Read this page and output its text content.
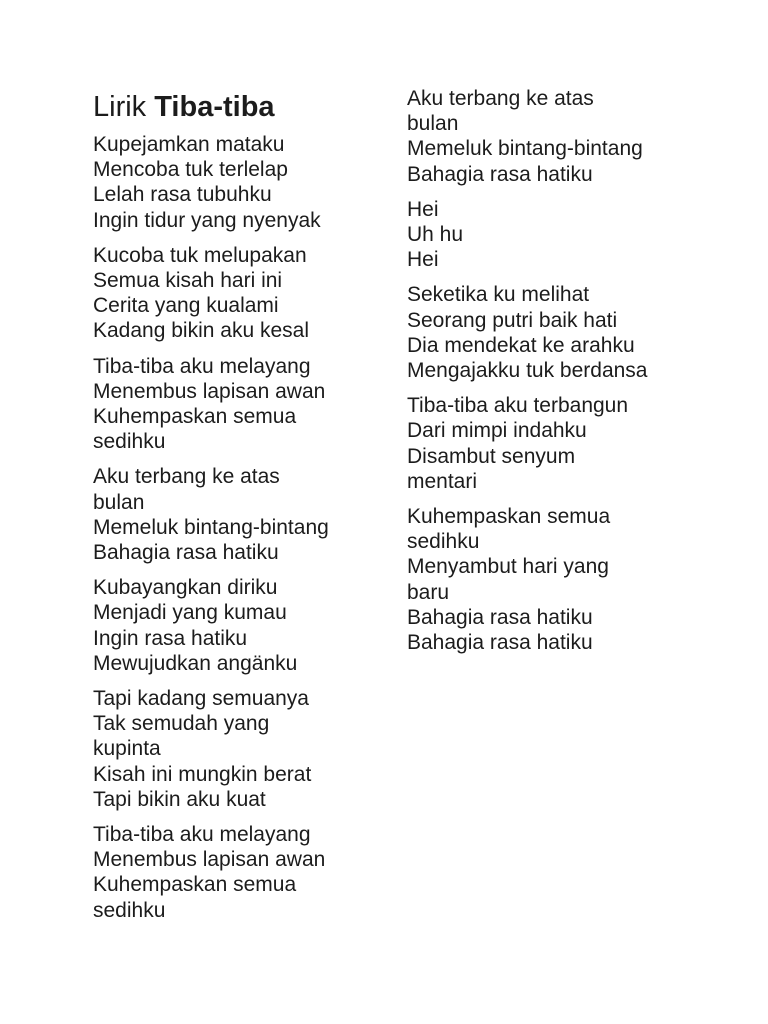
Lirik Tiba-tiba
Kupejamkan mataku
Mencoba tuk terlelap
Lelah rasa tubuhku
Ingin tidur yang nyenyak
Kucoba tuk melupakan
Semua kisah hari ini
Cerita yang kualami
Kadang bikin aku kesal
Tiba-tiba aku melayang
Menembus lapisan awan
Kuhempaskan semua
sedihku
Aku terbang ke atas
bulan
Memeluk bintang-bintang
Bahagia rasa hatiku
Kubayangkan diriku
Menjadi yang kumau
Ingin rasa hatiku
Mewujudkan angänku
Tapi kadang semuanya
Tak semudah yang
kupinta
Kisah ini mungkin berat
Tapi bikin aku kuat
Tiba-tiba aku melayang
Menembus lapisan awan
Kuhempaskan semua
sedihku
Aku terbang ke atas
bulan
Memeluk bintang-bintang
Bahagia rasa hatiku
Hei
Uh hu
Hei
Seketika ku melihat
Seorang putri baik hati
Dia mendekat ke arahku
Mengajakku tuk berdansa
Tiba-tiba aku terbangun
Dari mimpi indahku
Disambut senyum
mentari
Kuhempaskan semua
sedihku
Menyambut hari yang
baru
Bahagia rasa hatiku
Bahagia rasa hatiku
